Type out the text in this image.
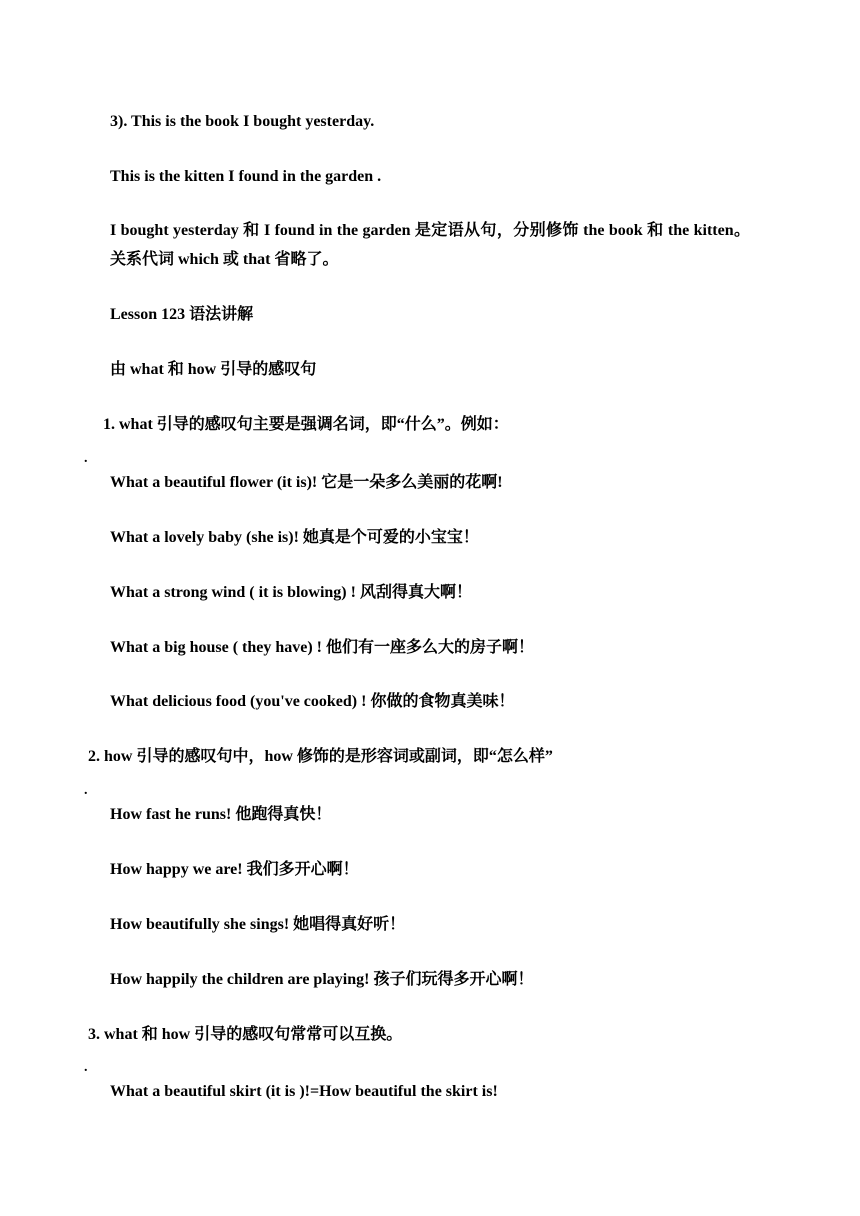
3). This is the book I bought yesterday.
This is the kitten I found in the garden .
I bought yesterday 和 I found in the garden 是定语从句，分别修饰 the book 和 the kitten。关系代词 which 或 that 省略了。
Lesson 123 语法讲解
由 what 和 how 引导的感叹句
1. what 引导的感叹句主要是强调名词，即“什么”。例如：
.
What a beautiful flower (it is)! 它是一朵多么美丽的花啊!
What a lovely baby (she is)! 她真是个可爱的小宝宝！
What a strong wind ( it is blowing) ! 风刮得真大啊！
What a big house ( they have) ! 他们有一座多么大的房子啊！
What delicious food (you've cooked) ! 你做的食物真美味！
2. how 引导的感叹句中，how 修饰的是形容词或副词，即“怎么样”
.
How fast he runs! 他跑得真快！
How happy we are! 我们多开心啊！
How beautifully she sings! 她唱得真好听！
How happily the children are playing! 孩子们玩得多开心啊！
3. what 和 how 引导的感叹句常常可以互换。
.
What a beautiful skirt (it is )!=How beautiful the skirt is!
